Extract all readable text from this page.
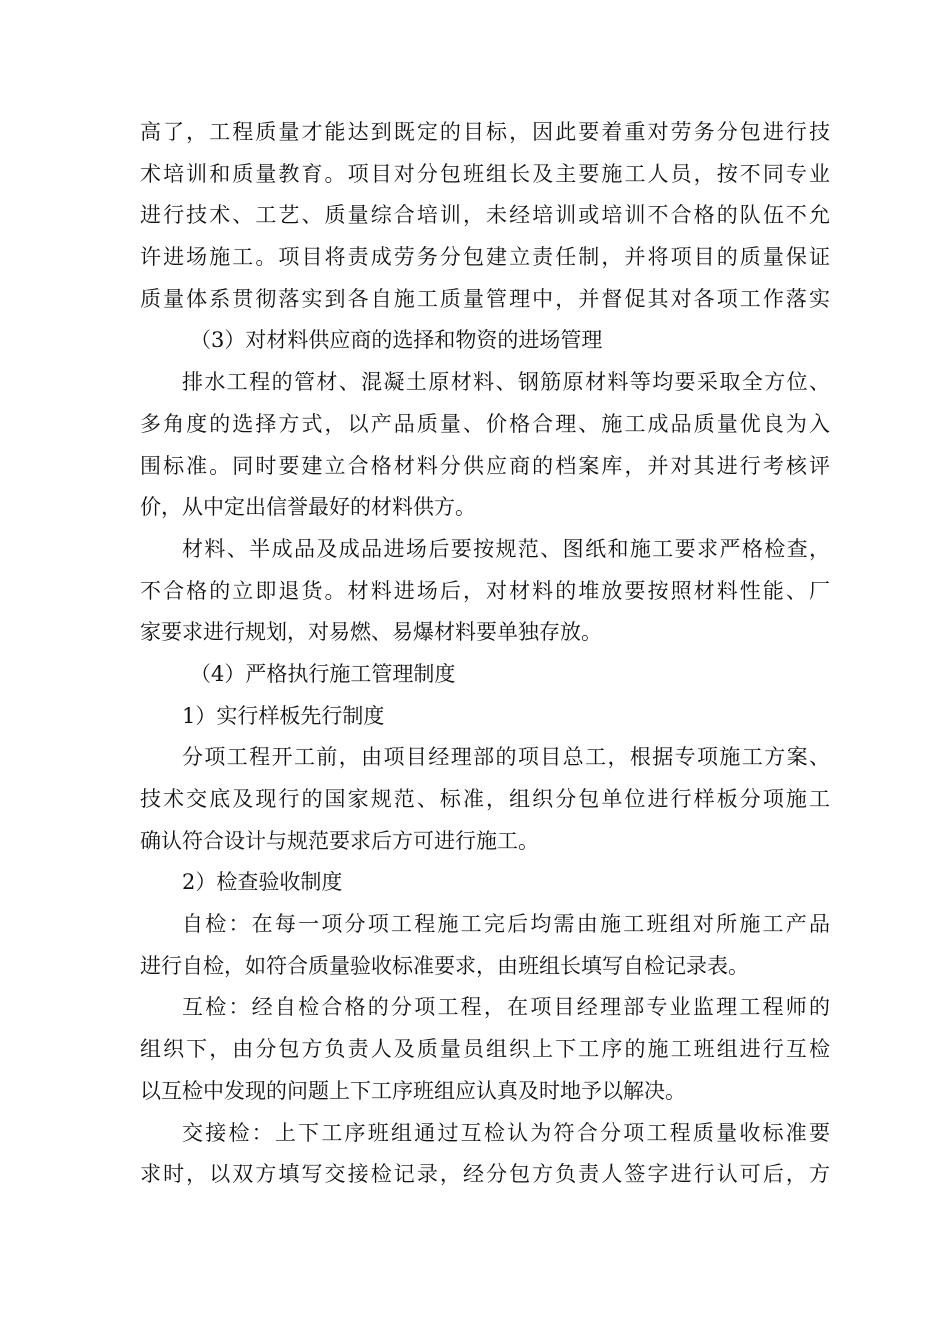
高了，工程质量才能达到既定的目标，因此要着重对劳务分包进行技
术培训和质量教育。项目对分包班组长及主要施工人员，按不同专业
进行技术、工艺、质量综合培训，未经培训或培训不合格的队伍不允
许进场施工。项目将责成劳务分包建立责任制，并将项目的质量保证
质量体系贯彻落实到各自施工质量管理中，并督促其对各项工作落实
（3）对材料供应商的选择和物资的进场管理
排水工程的管材、混凝土原材料、钢筋原材料等均要采取全方位、
多角度的选择方式，以产品质量、价格合理、施工成品质量优良为入
围标准。同时要建立合格材料分供应商的档案库，并对其进行考核评
价，从中定出信誉最好的材料供方。
材料、半成品及成品进场后要按规范、图纸和施工要求严格检查，
不合格的立即退货。材料进场后，对材料的堆放要按照材料性能、厂
家要求进行规划，对易燃、易爆材料要单独存放。
（4）严格执行施工管理制度
1）实行样板先行制度
分项工程开工前，由项目经理部的项目总工，根据专项施工方案、
技术交底及现行的国家规范、标准，组织分包单位进行样板分项施工
确认符合设计与规范要求后方可进行施工。
2）检查验收制度
自检：在每一项分项工程施工完后均需由施工班组对所施工产品
进行自检，如符合质量验收标准要求，由班组长填写自检记录表。
互检：经自检合格的分项工程，在项目经理部专业监理工程师的
组织下，由分包方负责人及质量员组织上下工序的施工班组进行互检
以互检中发现的问题上下工序班组应认真及时地予以解决。
交接检：上下工序班组通过互检认为符合分项工程质量收标准要
求时，以双方填写交接检记录，经分包方负责人签字进行认可后，方
